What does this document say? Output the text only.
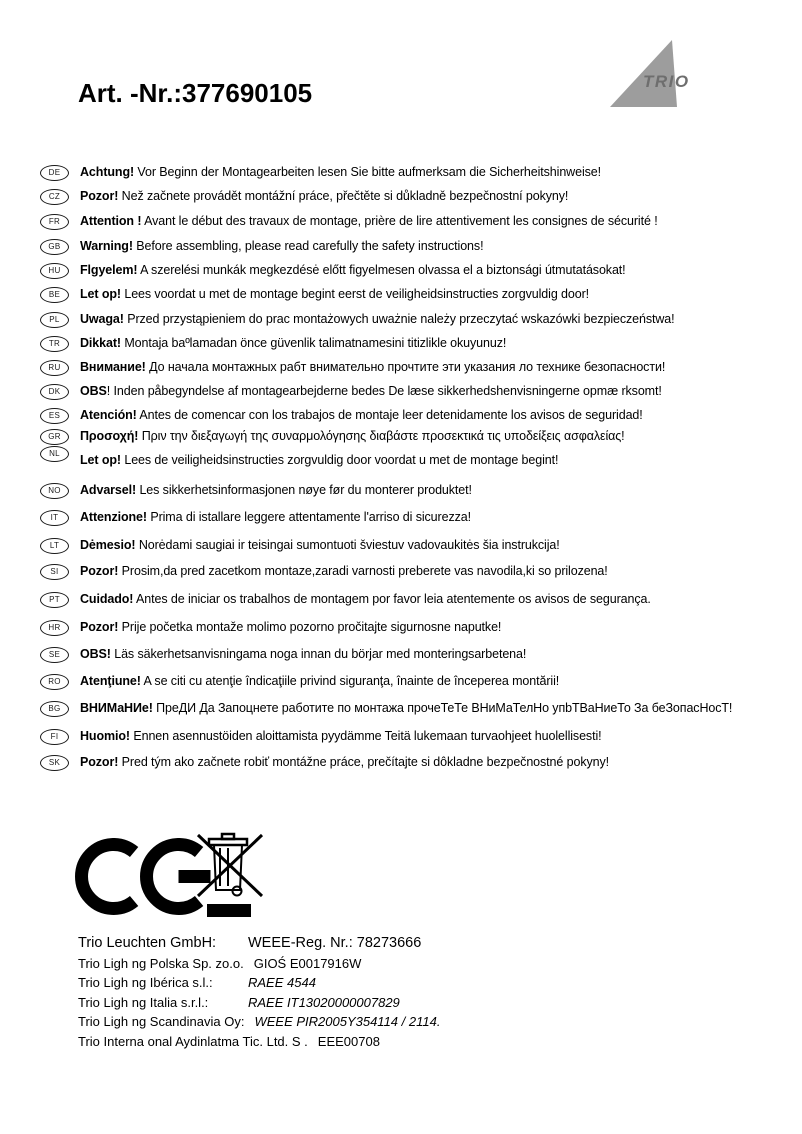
Art. -Nr.:377690105	TRIO
DE	Achtung! Vor Beginn der Montagearbeiten lesen Sie bitte aufmerksam die Sicherheitshinweise!
CZ	Pozor! Než začnete provádět montážní práce, přečtěte si důkladně bezpečnostní pokyny!
FR	Attention ! Avant le début des travaux de montage, prière de lire attentivement les consignes de sécurité !
GB	Warning! Before assembling, please read carefully the safety instructions!
HU	Flgyelem! A szerelési munkák megkezdésė előtt figyelmesen olvassa el a biztonsági útmutatásokat!
BE	Let op! Lees voordat u met de montage begint eerst de veiligheidsinstructies zorgvuldig door!
PL	Uwaga! Przed przystąpieniem do prac montażowych uważnie należy przeczytać wskazówki bezpieczeństwa!
TR	Dikkat! Montaja baºlamadan önce güvenlik talimatnamesini titizlikle okuyunuz!
RU	Внимание! До начала монтажных рабт внимательно прочтите эти указания ло технике безопасности!
DK	OBS! Inden påbegyndelse af montagearbejderne bedes De læse sikkerhedshenvisningerne opmæ rksomt!
ES	Atención! Antes de comencar con los trabajos de montaje leer detenidamente los avisos de seguridad!
GR	Προσοχή! Πριν την διεξαγωγή της συναρμολόγησης διαβάστε προσεκτικά τις υποδείξεις ασφαλείας!
NL	Let op! Lees de veiligheidsinstructies zorgvuldig door voordat u met de montage begint!
NO	Advarsel! Les sikkerhetsinformasjonen nøye før du monterer produktet!
IT	Attenzione! Prima di istallare leggere attentamente l'arriso di sicurezza!
LT	Dėmesio! Norėdami saugiai ir teisingai sumontuoti šviestuv vadovaukitės šia instrukcija!
SI	Pozor! Prosim,da pred zacetkom montaze,zaradi varnosti preberete vas navodila,ki so prilozena!
PT	Cuidado! Antes de iniciar os trabalhos de montagem por favor leia atentemente os avisos de segurança.
HR	Pozor! Prije početka montaže molimo pozorno pročitajte sigurnosne naputke!
SE	OBS! Läs säkerhetsanvisningama noga innan du börjar med monteringsarbetena!
RO	Atenţiune! A se citi cu atenţie îndicaţiile privind siguranţa, înainte de începerea montării!
BG	ВНИМаНИе! ПреДИ Да Запоцнете работите по монтажа прочеТеТе ВНиМаТелНо упbТВаНиеТо За беЗопасНосТ!
FI	Huomio! Ennen asennustöiden aloittamista pyydämme Teitä lukemaan turvaohjeet huolellisesti!
SK	Pozor! Pred tým ako začnete robiť montážne práce, prečítajte si dôkladne bezpečnostné pokyny!
Trio Leuchten GmbH:	WEEE-Reg. Nr.: 78273666
Trio Ligh ng Polska Sp. zo.o. GIOŚ E0017916W
Trio Ligh ng Ibérica s.l.:	RAEE 4544
Trio Ligh ng Italia s.r.l.:	RAEE IT13020000007829
Trio Ligh ng Scandinavia Oy: WEEE PIR2005Y354114 / 2114.
Trio Interna onal Aydinlatma Tic. Ltd. S . EEE00708
